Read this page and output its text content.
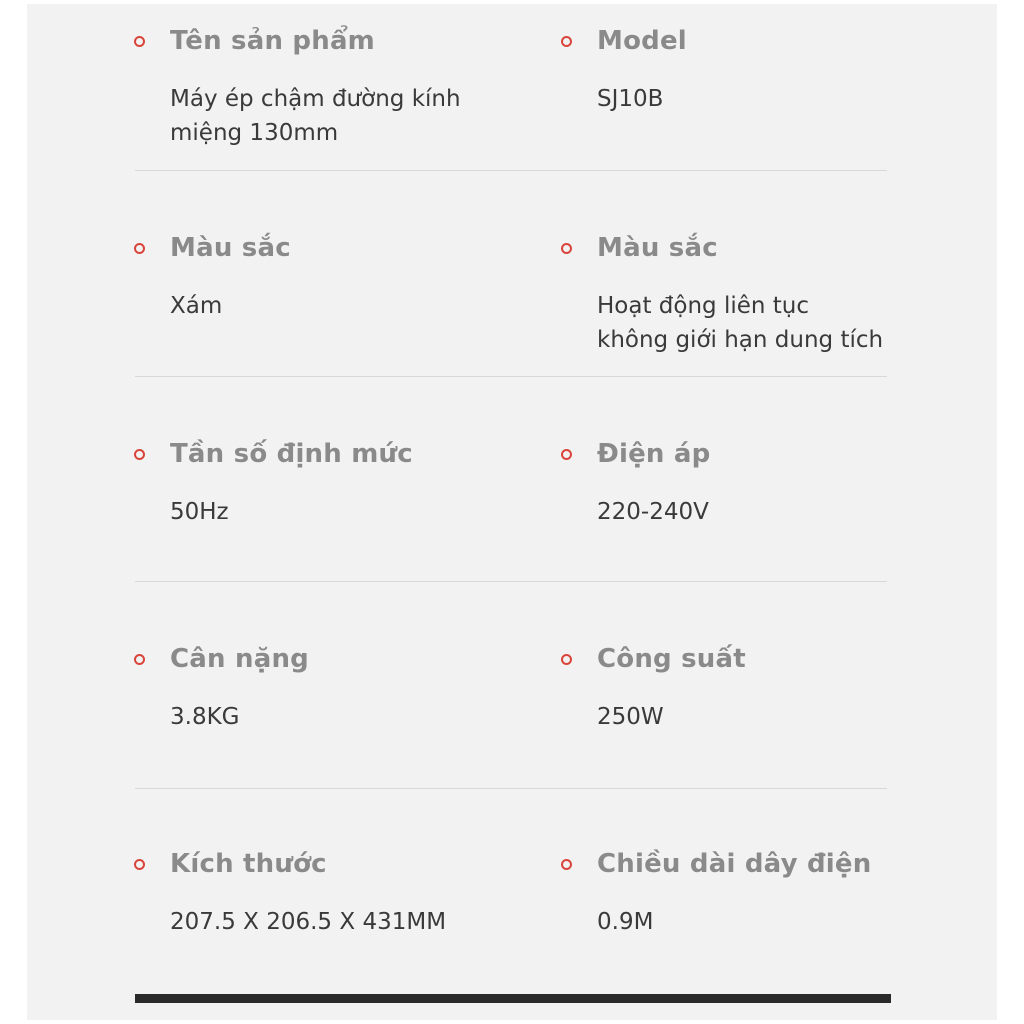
Tên sản phẩm
Máy ép chậm đường kính
miệng 130mm
Model
SJ10B
Màu sắc
Xám
Màu sắc
Hoạt động liên tục
không giới hạn dung tích
Tần số định mức
50Hz
Điện áp
220-240V
Cân nặng
3.8KG
Công suất
250W
Kích thước
207.5 X 206.5 X 431MM
Chiều dài dây điện
0.9M
